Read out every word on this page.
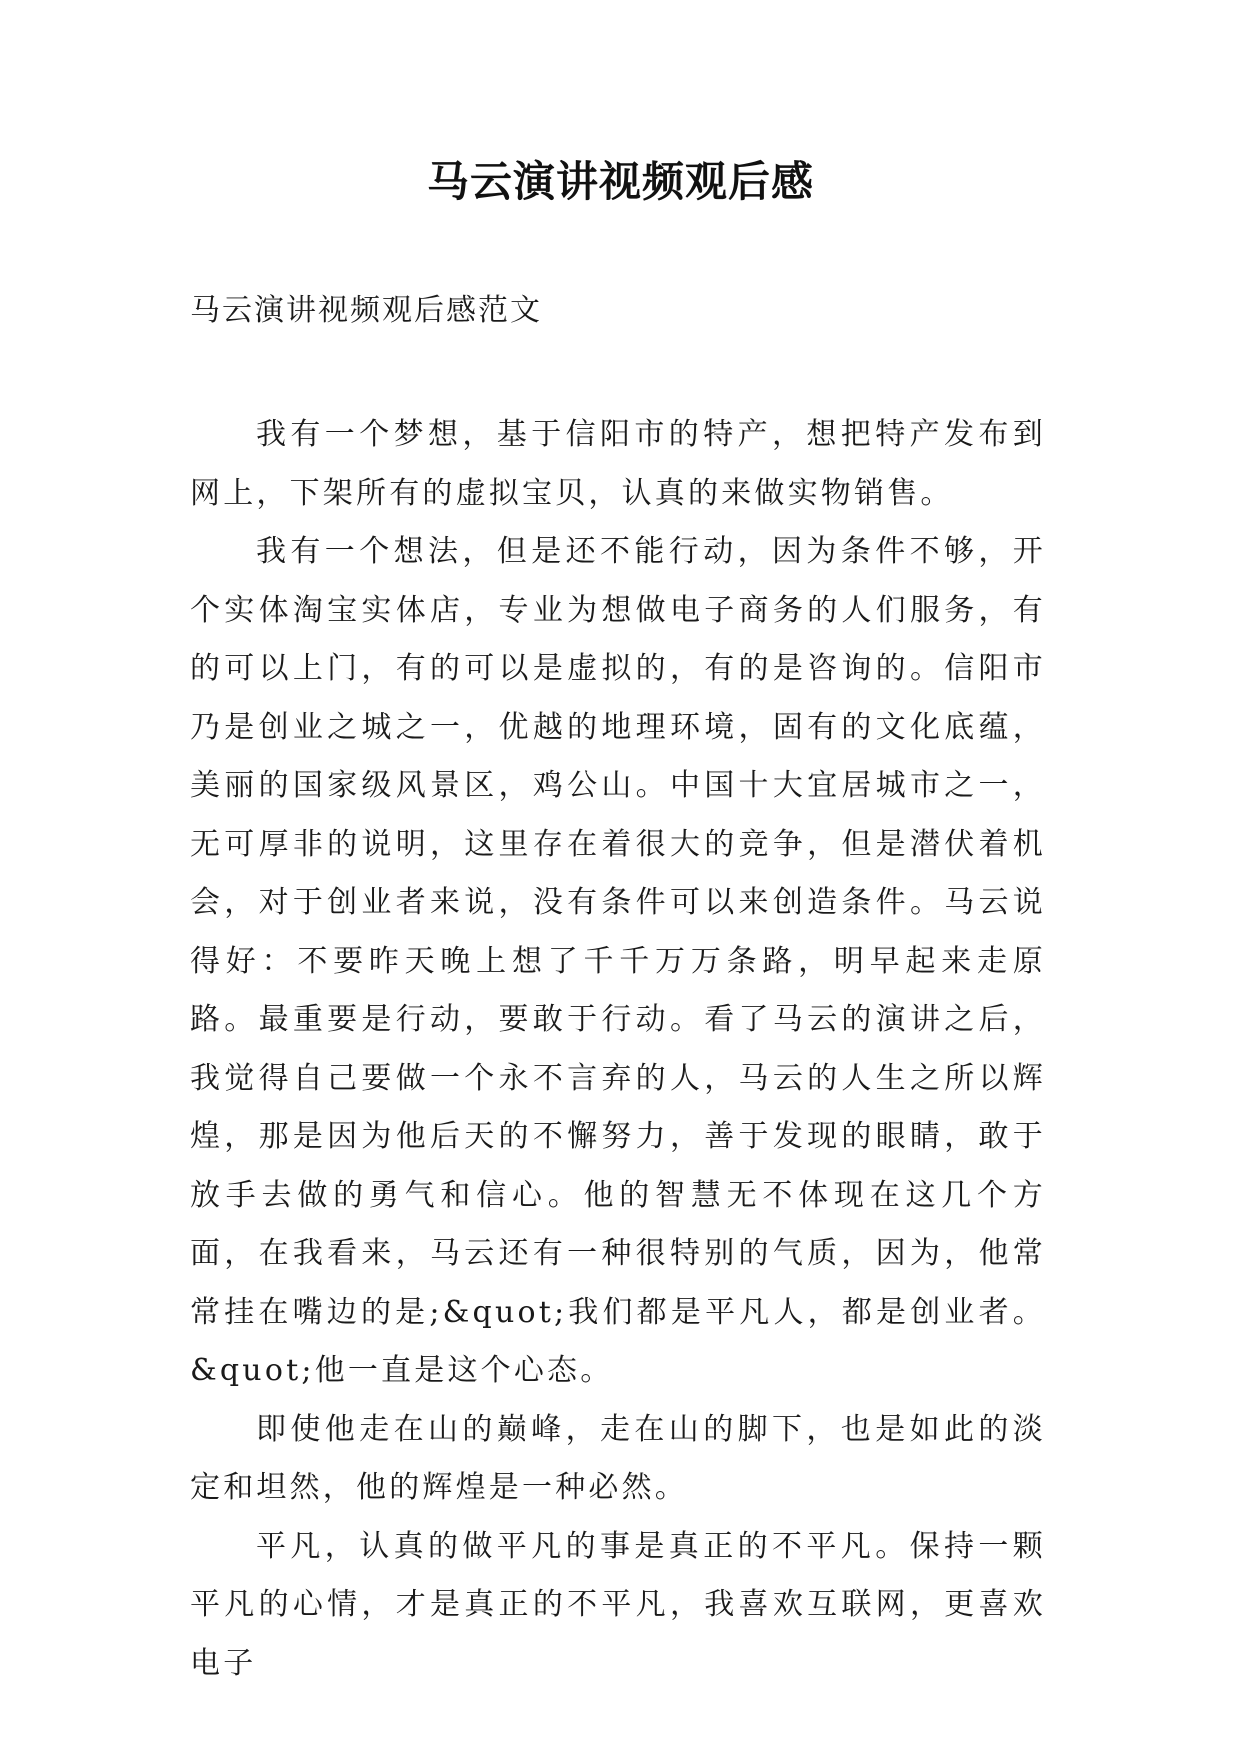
马云演讲视频观后感

马云演讲视频观后感范文

我有一个梦想，基于信阳市的特产，想把特产发布到网上，下架所有的虚拟宝贝，认真的来做实物销售。

我有一个想法，但是还不能行动，因为条件不够，开个实体淘宝实体店，专业为想做电子商务的人们服务，有的可以上门，有的可以是虚拟的，有的是咨询的。信阳市乃是创业之城之一，优越的地理环境，固有的文化底蕴，美丽的国家级风景区，鸡公山。中国十大宜居城市之一，无可厚非的说明，这里存在着很大的竞争，但是潜伏着机会，对于创业者来说，没有条件可以来创造条件。马云说得好：不要昨天晚上想了千千万万条路，明早起来走原路。最重要是行动，要敢于行动。看了马云的演讲之后，我觉得自己要做一个永不言弃的人，马云的人生之所以辉煌，那是因为他后天的不懈努力，善于发现的眼睛，敢于放手去做的勇气和信心。他的智慧无不体现在这几个方面，在我看来，马云还有一种很特别的气质，因为，他常常挂在嘴边的是;&quot;我们都是平凡人，都是创业者。&quot;他一直是这个心态。

即使他走在山的巅峰，走在山的脚下，也是如此的淡定和坦然，他的辉煌是一种必然。

平凡，认真的做平凡的事是真正的不平凡。保持一颗平凡的心情，才是真正的不平凡，我喜欢互联网，更喜欢电子
